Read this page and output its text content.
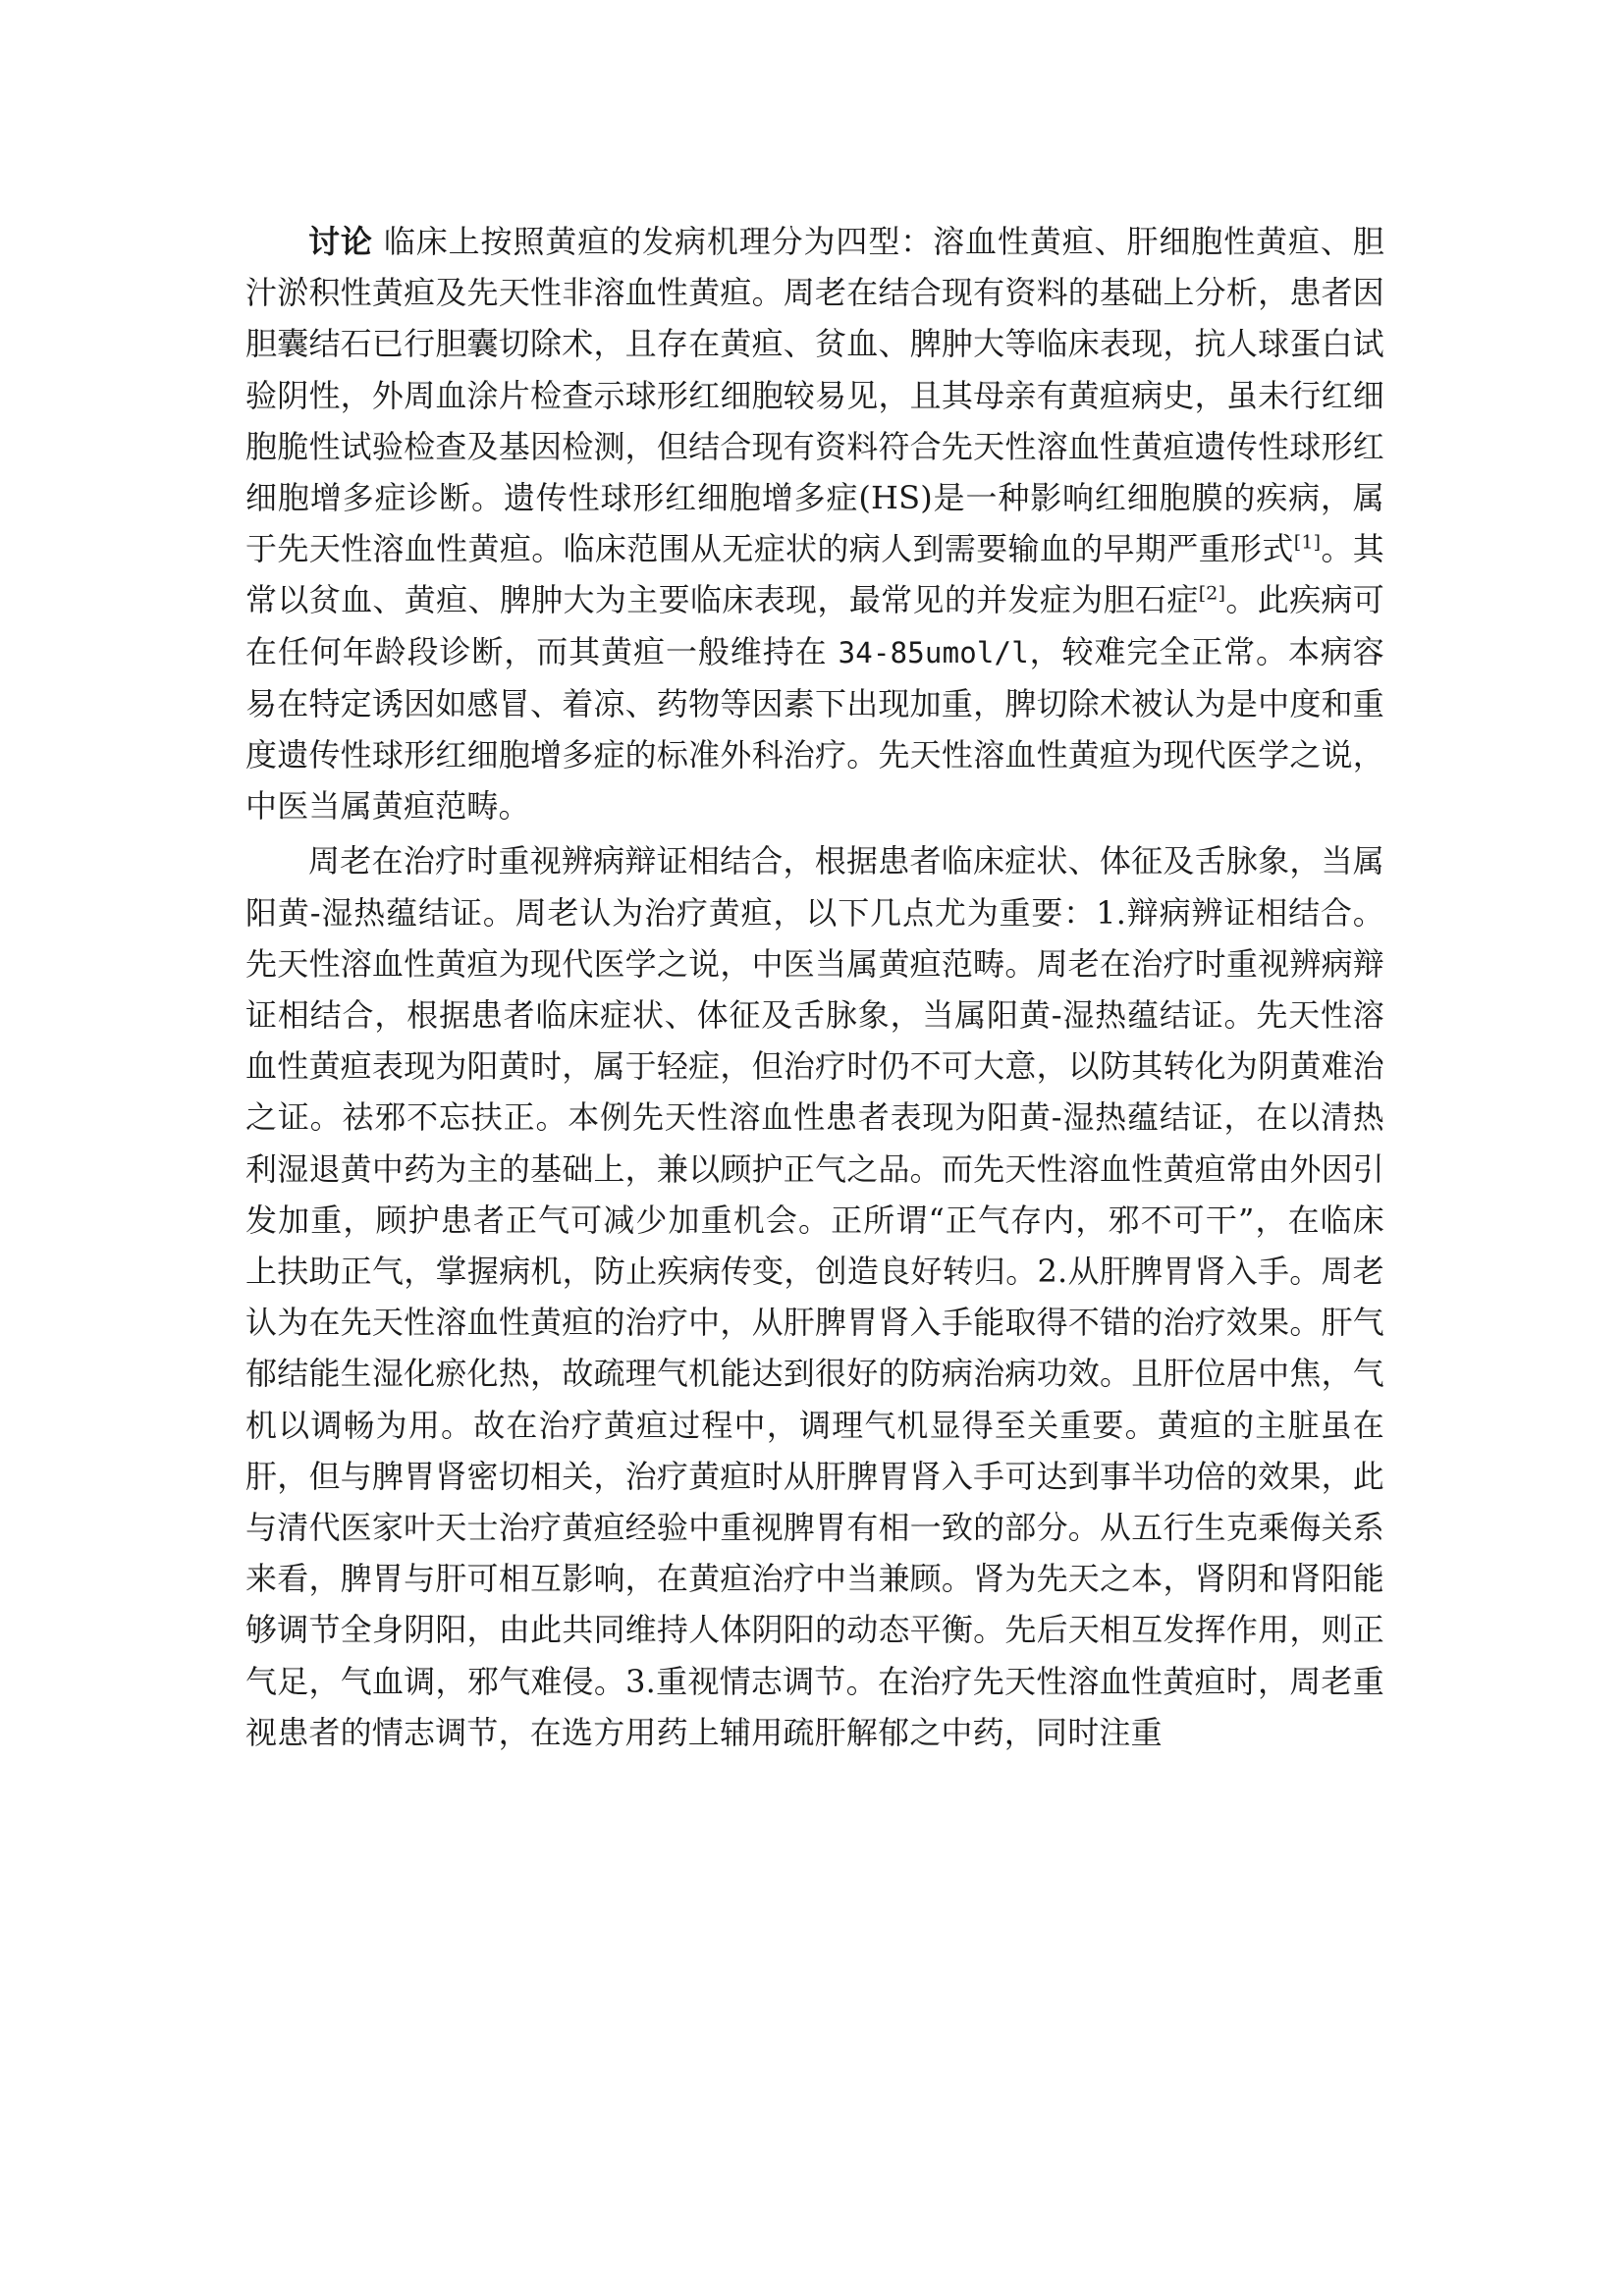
讨论 临床上按照黄疸的发病机理分为四型：溶血性黄疸、肝细胞性黄疸、胆汁淤积性黄疸及先天性非溶血性黄疸。周老在结合现有资料的基础上分析，患者因胆囊结石已行胆囊切除术，且存在黄疸、贫血、脾肿大等临床表现，抗人球蛋白试验阴性，外周血涂片检查示球形红细胞较易见，且其母亲有黄疸病史，虽未行红细胞脆性试验检查及基因检测，但结合现有资料符合先天性溶血性黄疸遗传性球形红细胞增多症诊断。遗传性球形红细胞增多症(HS)是一种影响红细胞膜的疾病，属于先天性溶血性黄疸。临床范围从无症状的病人到需要输血的早期严重形式[1]。其常以贫血、黄疸、脾肿大为主要临床表现，最常见的并发症为胆石症[2]。此疾病可在任何年龄段诊断，而其黄疸一般维持在 34-85umol/l，较难完全正常。本病容易在特定诱因如感冒、着凉、药物等因素下出现加重，脾切除术被认为是中度和重度遗传性球形红细胞增多症的标准外科治疗。先天性溶血性黄疸为现代医学之说，中医当属黄疸范畴。

周老在治疗时重视辨病辩证相结合，根据患者临床症状、体征及舌脉象，当属阳黄-湿热蕴结证。周老认为治疗黄疸，以下几点尤为重要：1.辩病辨证相结合。先天性溶血性黄疸为现代医学之说，中医当属黄疸范畴。周老在治疗时重视辨病辩证相结合，根据患者临床症状、体征及舌脉象，当属阳黄-湿热蕴结证。先天性溶血性黄疸表现为阳黄时，属于轻症，但治疗时仍不可大意，以防其转化为阴黄难治之证。祛邪不忘扶正。本例先天性溶血性患者表现为阳黄-湿热蕴结证，在以清热利湿退黄中药为主的基础上，兼以顾护正气之品。而先天性溶血性黄疸常由外因引发加重，顾护患者正气可减少加重机会。正所谓“正气存内，邪不可干”，在临床上扶助正气，掌握病机，防止疾病传变，创造良好转归。2.从肝脾胃肾入手。周老认为在先天性溶血性黄疸的治疗中，从肝脾胃肾入手能取得不错的治疗效果。肝气郁结能生湿化瘀化热，故疏理气机能达到很好的防病治病功效。且肝位居中焦，气机以调畅为用。故在治疗黄疸过程中，调理气机显得至关重要。黄疸的主脏虽在肝，但与脾胃肾密切相关，治疗黄疸时从肝脾胃肾入手可达到事半功倍的效果，此与清代医家叶天士治疗黄疸经验中重视脾胃有相一致的部分。从五行生克乘侮关系来看，脾胃与肝可相互影响，在黄疸治疗中当兼顾。肾为先天之本，肾阴和肾阳能够调节全身阴阳，由此共同维持人体阴阳的动态平衡。先后天相互发挥作用，则正气足，气血调，邪气难侵。3.重视情志调节。在治疗先天性溶血性黄疸时，周老重视患者的情志调节，在选方用药上辅用疏肝解郁之中药，同时注重
